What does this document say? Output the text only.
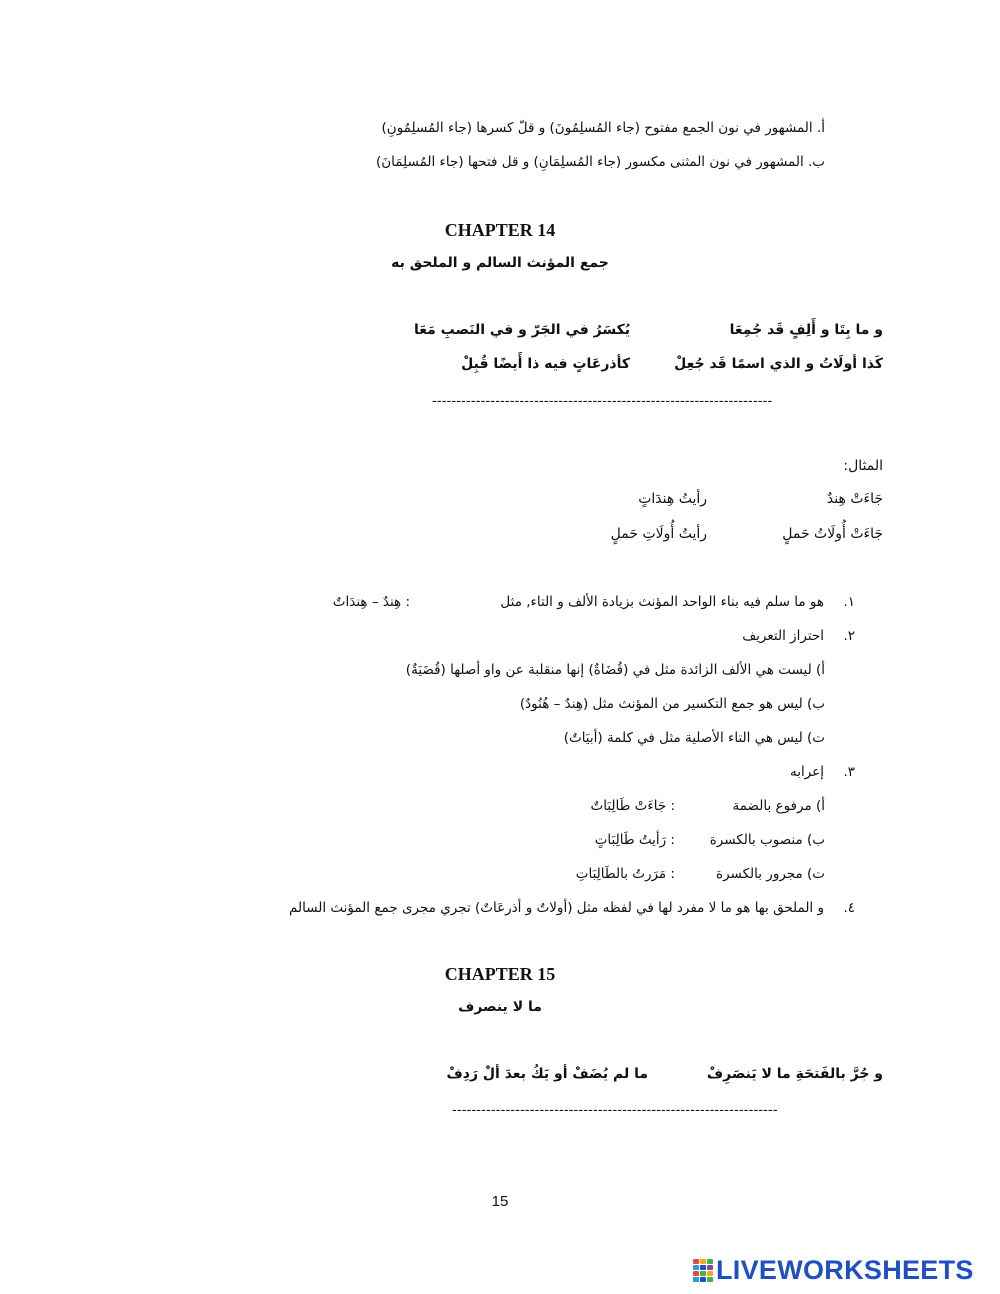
أ. المشهور في نون الجمع مفتوح (جاء المُسلِمُونَ) و قلّ كسرها (جاء المُسلِمُونِ)
ب. المشهور في نون المثنى مكسور (جاء المُسلِمَانِ) و قل فتحها (جاء المُسلِمَانَ)
CHAPTER 14
جمع المؤنث السالم و الملحق به
و ما بِتَا و أَلِفٍ قَد جُمِعَا
يُكسَرُ في الجَرّ و في النَصبِ مَعَا
كَذا أولَاتُ و الذي اسمًا قَد جُعِلْ
كأذرعَاتٍ فيه ذا أَيضًا قُبِلْ
----------------------------------------------------------------------
المثال:
جَاءَتْ هِندٌ
رأيتُ هِندَاتٍ
جَاءَتْ أُولَاتُ حَملٍ
رأيتُ أُولَاتِ حَملٍ
١.
هو ما سلم فيه بناء الواحد المؤنث بزيادة الألف و التاء, مثل
: هِندٌ – هِندَاتٌ
٢.
احتراز التعريف
أ) ليست هي الألف الزائدة مثل في (قُضَاةٌ) إنها منقلبة عن واو أصلها (قُضَيَةٌ)
ب) ليس هو جمع التكسير من المؤنث مثل (هِندٌ – هُنُودٌ)
ت) ليس هي التاء الأصلية مثل في كلمة (أبيَاتٌ)
٣.
إعرابه
أ) مرفوع بالضمة
: جَاءَتْ طَالِبَاتٌ
ب) منصوب بالكسرة
: رَأيتُ طَالِبَاتٍ
ت) مجرور بالكسرة
: مَرَرتُ بالطَالِبَاتِ
٤.
و الملحق بها هو ما لا مفرد لها في لفظه مثل (أولاتٌ و أذرعَاتٌ) تجري مجرى جمع المؤنث السالم
CHAPTER 15
ما لا ينصرف
و جُرَّ بالفَتحَةِ ما لا يَنصَرِفْ
ما لم يُضَفْ أو يَكُ بعدَ ألْ رَدِفْ
-------------------------------------------------------------------
15
LIVEWORKSHEETS
